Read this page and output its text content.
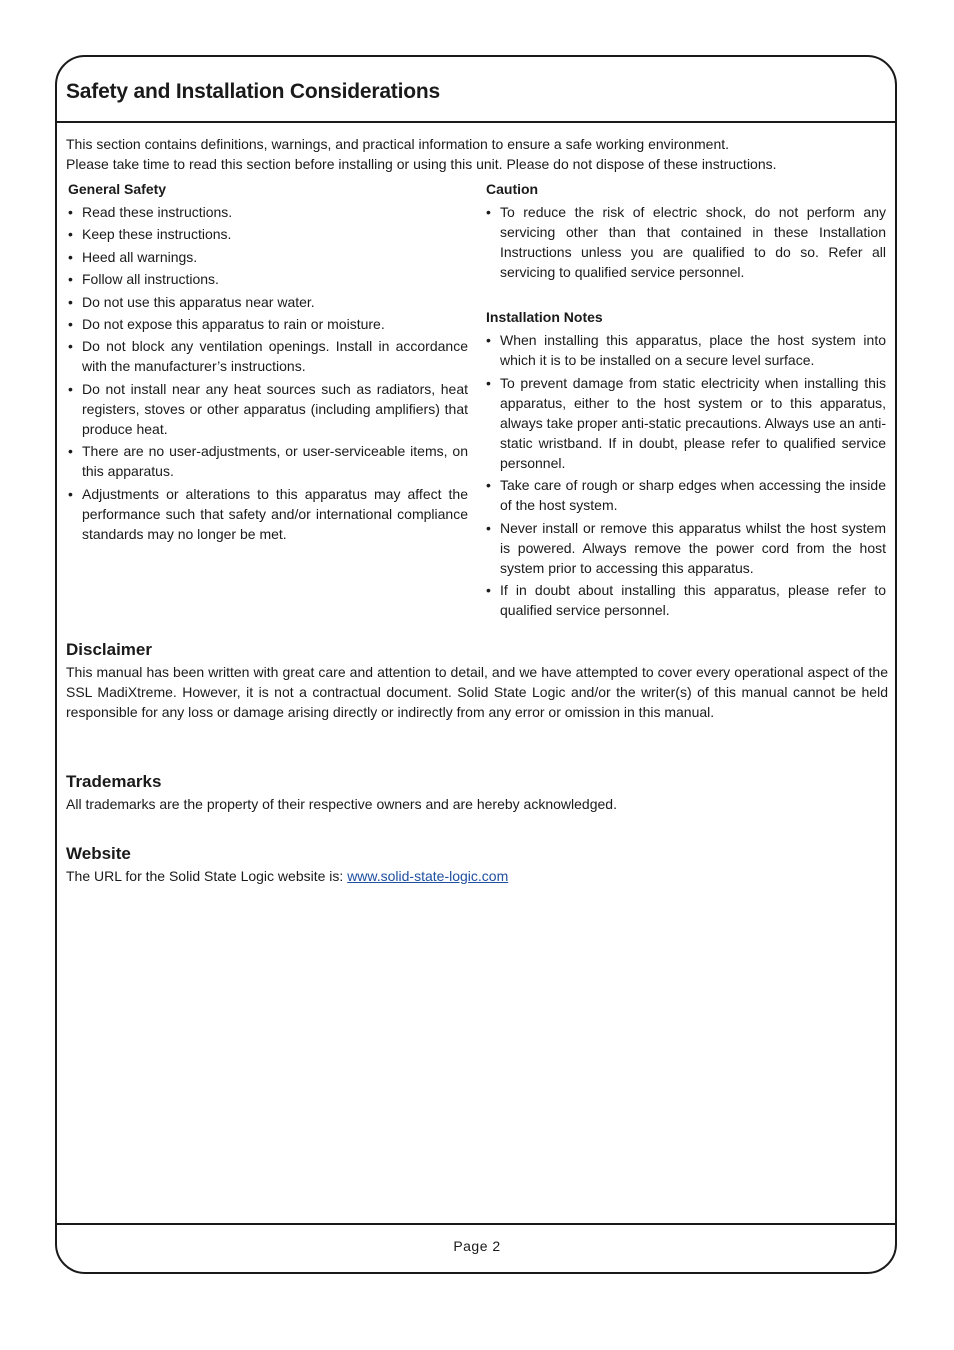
Safety and Installation Considerations

This section contains definitions, warnings, and practical information to ensure a safe working environment.

Please take time to read this section before installing or using this unit. Please do not dispose of these instructions.

General Safety
• Read these instructions.
• Keep these instructions.
• Heed all warnings.
• Follow all instructions.
• Do not use this apparatus near water.
• Do not expose this apparatus to rain or moisture.
• Do not block any ventilation openings. Install in accordance with the manufacturer’s instructions.
• Do not install near any heat sources such as radiators, heat registers, stoves or other apparatus (including amplifiers) that produce heat.
• There are no user-adjustments, or user-serviceable items, on this apparatus.
• Adjustments or alterations to this apparatus may affect the performance such that safety and/or international compliance standards may no longer be met.
Caution
• To reduce the risk of electric shock, do not perform any servicing other than that contained in these Installation Instructions unless you are qualified to do so. Refer all servicing to qualified service personnel.
Installation Notes
• When installing this apparatus, place the host system into which it is to be installed on a secure level surface.
• To prevent damage from static electricity when installing this apparatus, either to the host system or to this apparatus, always take proper anti-static precautions. Always use an anti-static wristband. If in doubt, please refer to qualified service personnel.
• Take care of rough or sharp edges when accessing the inside of the host system.
• Never install or remove this apparatus whilst the host system is powered. Always remove the power cord from the host system prior to accessing this apparatus.
• If in doubt about installing this apparatus, please refer to qualified service personnel.
Disclaimer

This manual has been written with great care and attention to detail, and we have attempted to cover every operational aspect of the SSL MadiXtreme. However, it is not a contractual document. Solid State Logic and/or the writer(s) of this manual cannot be held responsible for any loss or damage arising directly or indirectly from any error or omission in this manual.

Trademarks

All trademarks are the property of their respective owners and are hereby acknowledged.

Website

The URL for the Solid State Logic website is: www.solid-state-logic.com

Page 2
